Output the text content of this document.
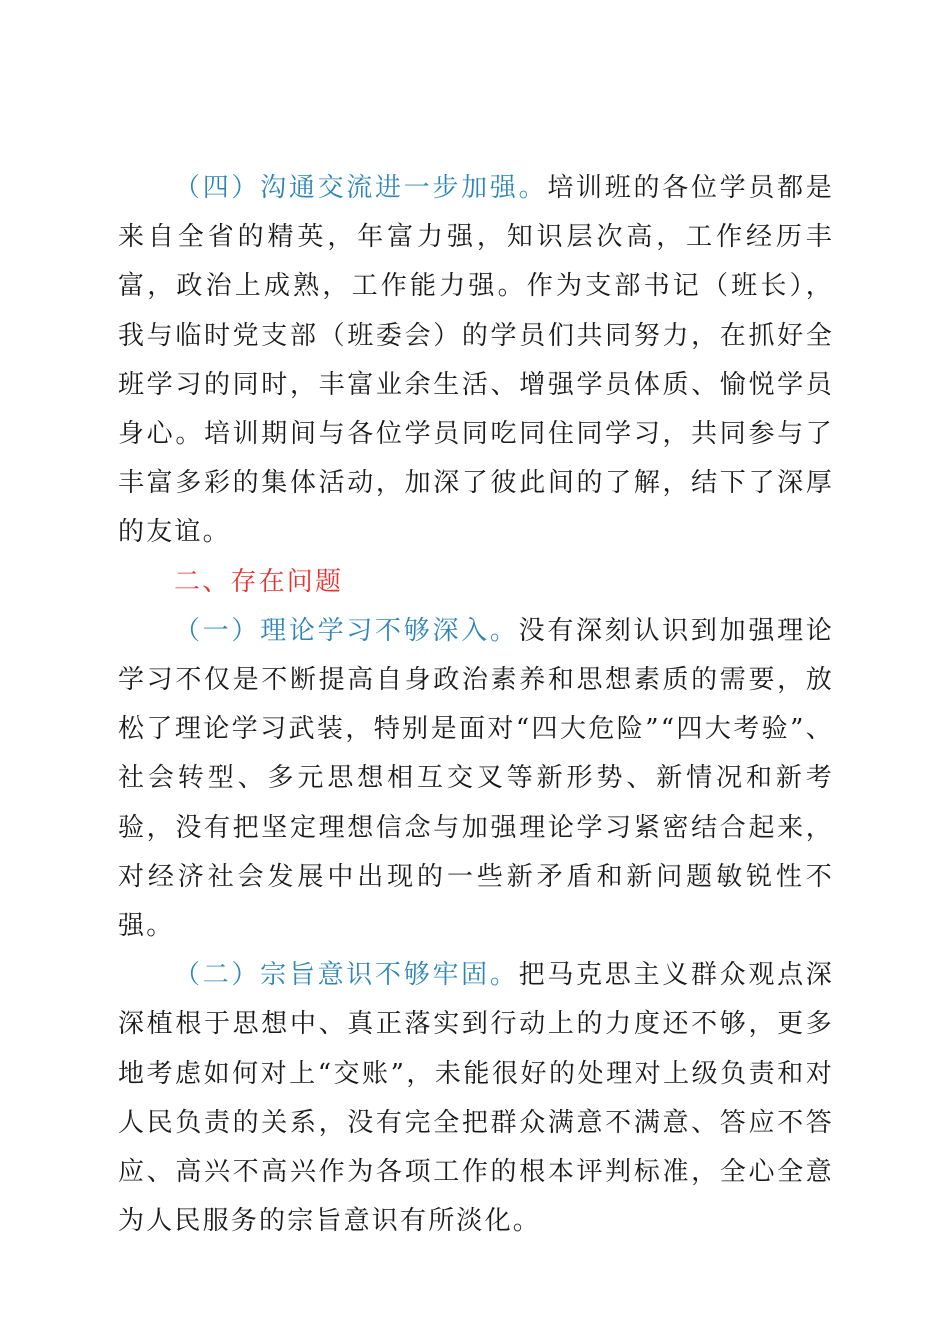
（四）沟通交流进一步加强。培训班的各位学员都是来自全省的精英，年富力强，知识层次高，工作经历丰富，政治上成熟，工作能力强。作为支部书记（班长），我与临时党支部（班委会）的学员们共同努力，在抓好全班学习的同时，丰富业余生活、增强学员体质、愉悦学员身心。培训期间与各位学员同吃同住同学习，共同参与了丰富多彩的集体活动，加深了彼此间的了解，结下了深厚的友谊。

二、存在问题

（一）理论学习不够深入。没有深刻认识到加强理论学习不仅是不断提高自身政治素养和思想素质的需要，放松了理论学习武装，特别是面对“四大危险”“四大考验”、社会转型、多元思想相互交叉等新形势、新情况和新考验，没有把坚定理想信念与加强理论学习紧密结合起来，对经济社会发展中出现的一些新矛盾和新问题敏锐性不强。

（二）宗旨意识不够牢固。把马克思主义群众观点深深植根于思想中、真正落实到行动上的力度还不够，更多地考虑如何对上“交账”，未能很好的处理对上级负责和对人民负责的关系，没有完全把群众满意不满意、答应不答应、高兴不高兴作为各项工作的根本评判标准，全心全意为人民服务的宗旨意识有所淡化。
